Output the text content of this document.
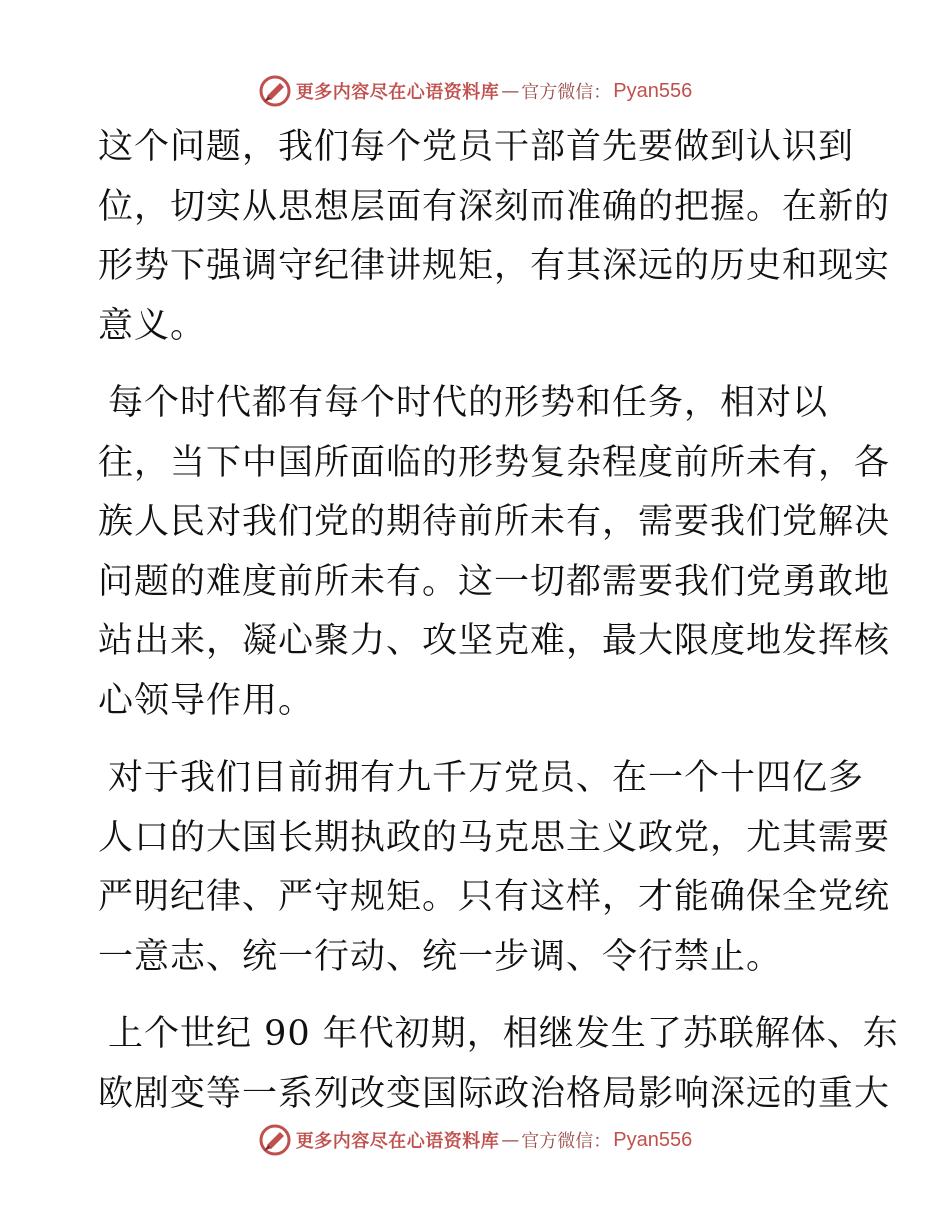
更多内容尽在心语资料库 — 官方微信： Pyan556
这个问题，我们每个党员干部首先要做到认识到
位，切实从思想层面有深刻而准确的把握。在新的
形势下强调守纪律讲规矩，有其深远的历史和现实
意义。
每个时代都有每个时代的形势和任务，相对以
往，当下中国所面临的形势复杂程度前所未有，各
族人民对我们党的期待前所未有，需要我们党解决
问题的难度前所未有。这一切都需要我们党勇敢地
站出来，凝心聚力、攻坚克难，最大限度地发挥核
心领导作用。
对于我们目前拥有九千万党员、在一个十四亿多
人口的大国长期执政的马克思主义政党，尤其需要
严明纪律、严守规矩。只有这样，才能确保全党统
一意志、统一行动、统一步调、令行禁止。
上个世纪 90 年代初期，相继发生了苏联解体、东
欧剧变等一系列改变国际政治格局影响深远的重大
更多内容尽在心语资料库 — 官方微信： Pyan556
